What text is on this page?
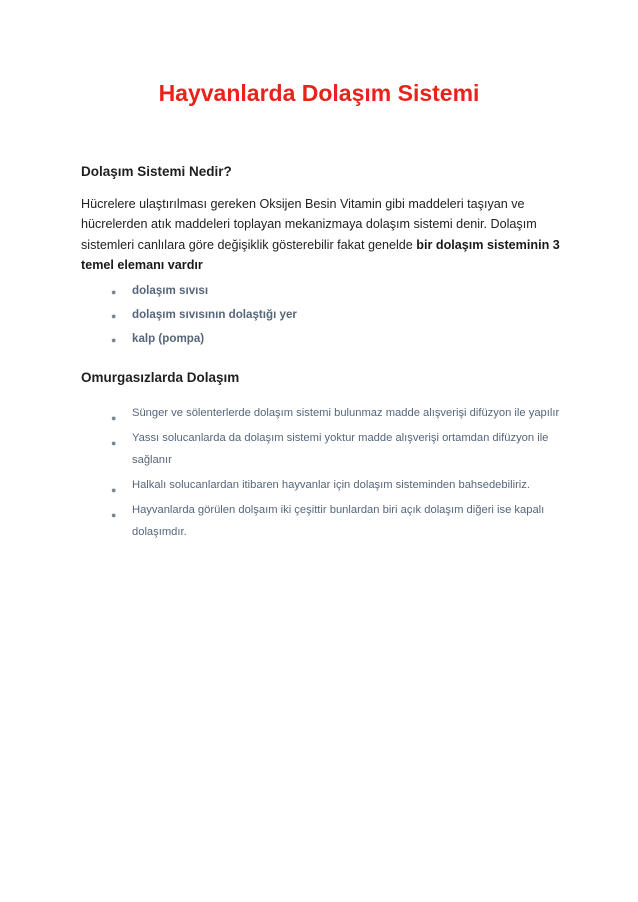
Hayvanlarda Dolaşım Sistemi
Dolaşım Sistemi Nedir?

Hücrelere ulaştırılması gereken Oksijen Besin Vitamin gibi maddeleri taşıyan ve hücrelerden atık maddeleri toplayan mekanizmaya dolaşım sistemi denir. Dolaşım sistemleri canlılara göre değişiklik gösterebilir fakat genelde bir dolaşım sisteminin 3 temel elemanı vardır

● dolaşım sıvısı
● dolaşım sıvısının dolaştığı yer
● kalp (pompa)
Omurgasızlarda Dolaşım
● Sünger ve sölenterlerde dolaşım sistemi bulunmaz madde alışverişi difüzyon ile yapılır
● Yassı solucanlarda da dolaşım sistemi yoktur madde alışverişi ortamdan difüzyon ile sağlanır
● Halkalı solucanlardan itibaren hayvanlar için dolaşım sisteminden bahsedebiliriz.
● Hayvanlarda görülen dolşaım iki çeşittir bunlardan biri açık dolaşım diğeri ise kapalı dolaşımdır.
